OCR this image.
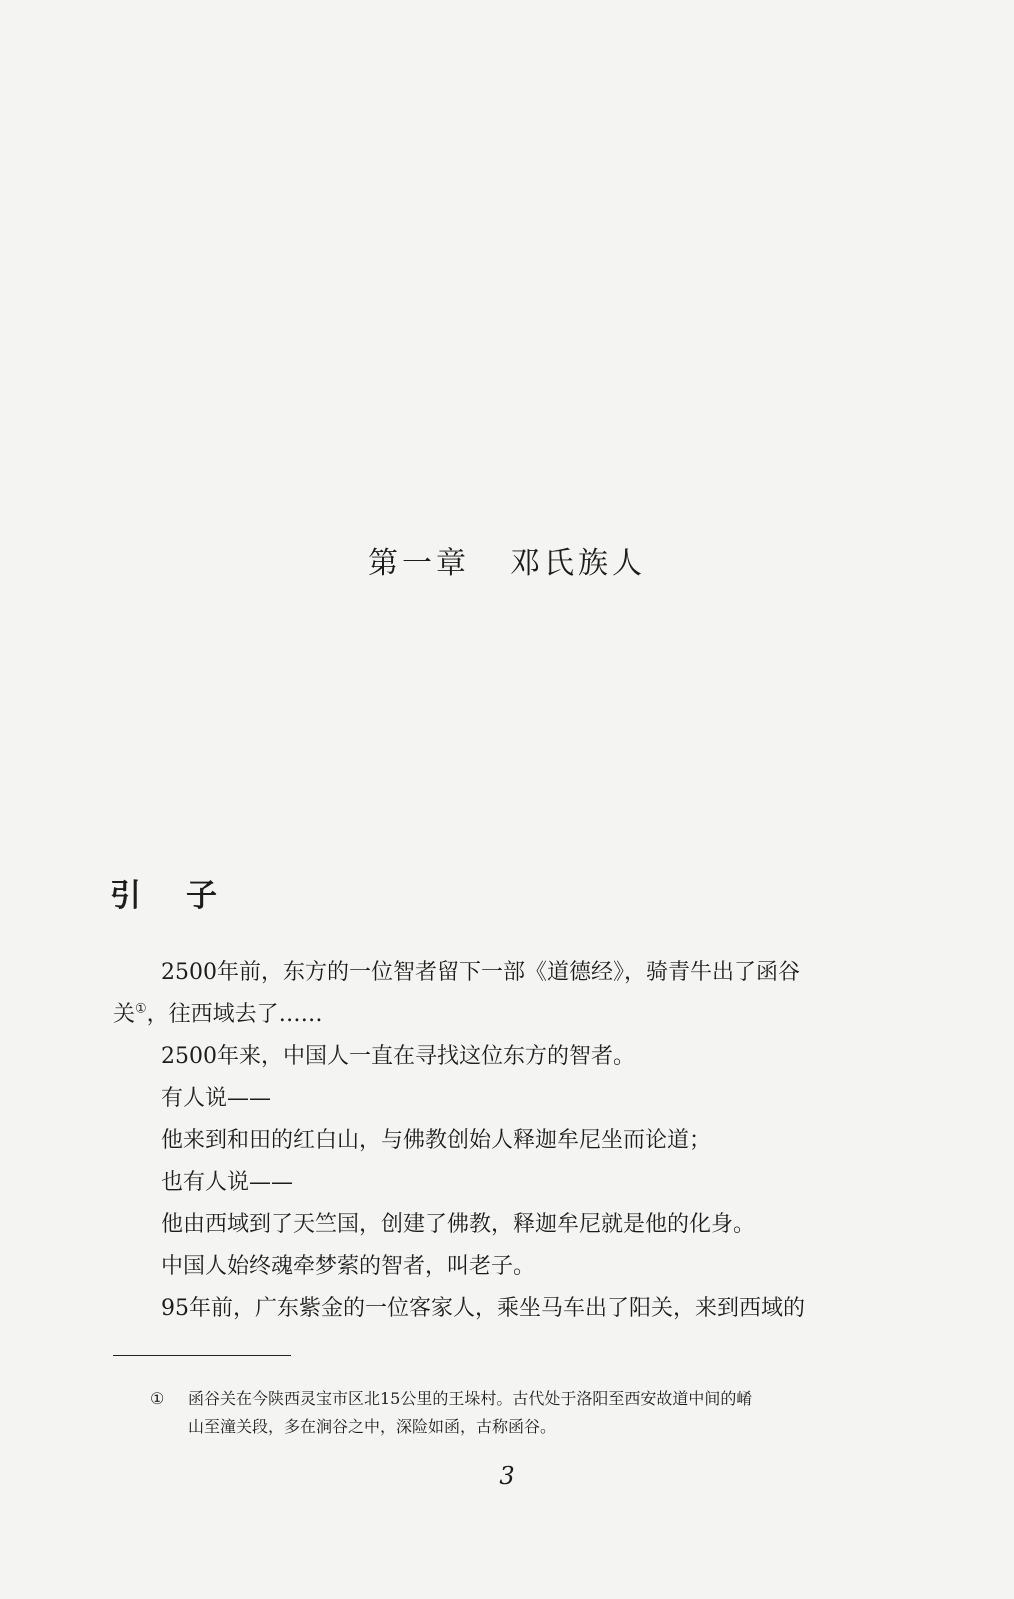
第一章 邓氏族人
引 子

2500年前，东方的一位智者留下一部《道德经》，骑青牛出了函谷

关①，往西域去了……

2500年来，中国人一直在寻找这位东方的智者。

有人说——

他来到和田的红白山，与佛教创始人释迦牟尼坐而论道；

也有人说——

他由西域到了天竺国，创建了佛教，释迦牟尼就是他的化身。

中国人始终魂牵梦萦的智者，叫老子。

95年前，广东紫金的一位客家人，乘坐马车出了阳关，来到西域的

① 函谷关在今陕西灵宝市区北15公里的王垛村。古代处于洛阳至西安故道中间的崤
山至潼关段，多在涧谷之中，深险如函，古称函谷。
3
